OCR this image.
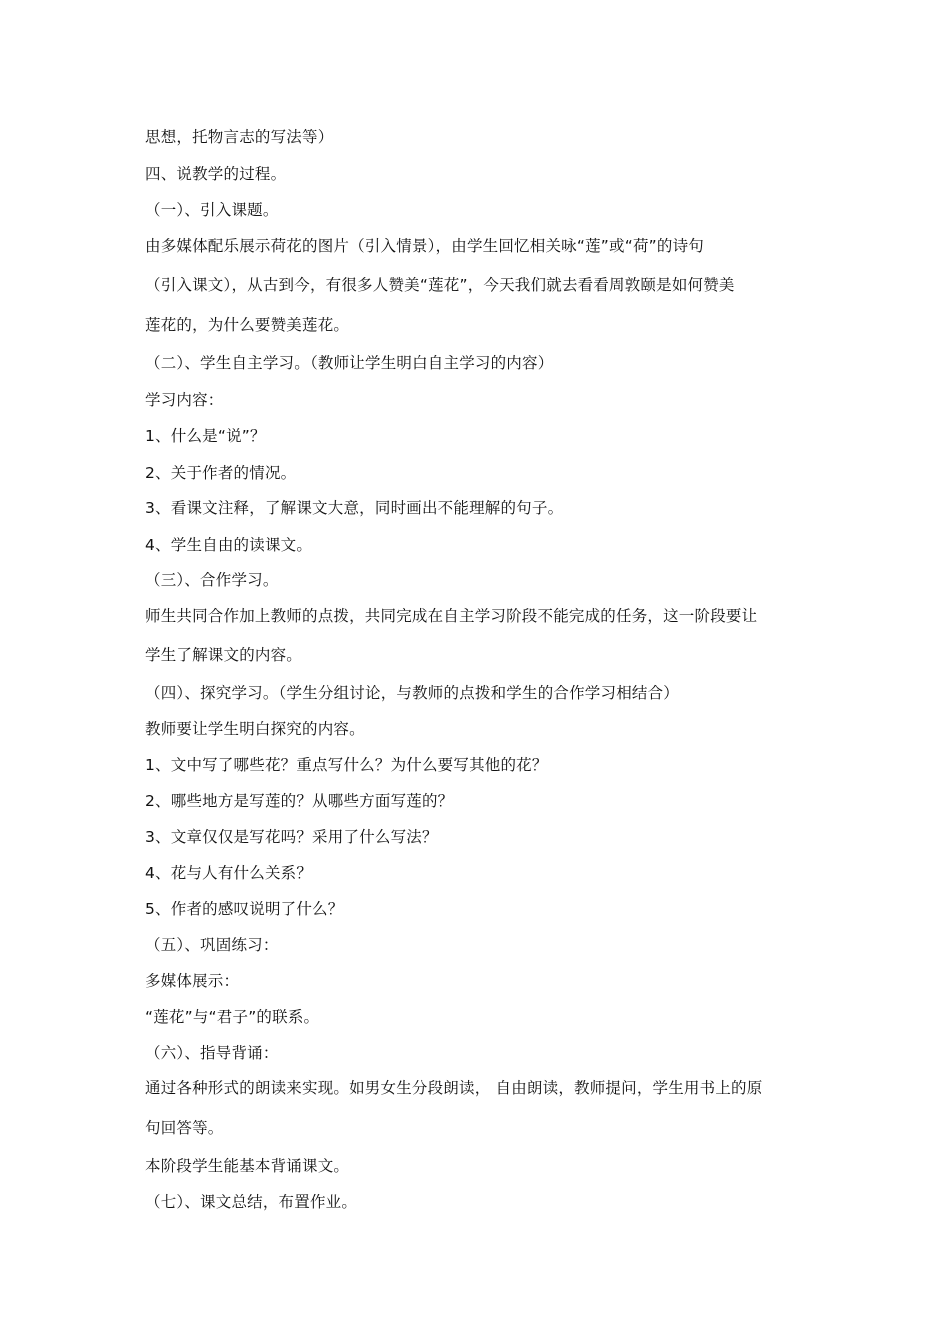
思想，托物言志的写法等）
四、说教学的过程。
（一）、引入课题。
由多媒体配乐展示荷花的图片（引入情景），由学生回忆相关咏“莲”或“荷”的诗句
（引入课文），从古到今，有很多人赞美“莲花”，今天我们就去看看周敦颐是如何赞美
莲花的，为什么要赞美莲花。
（二）、学生自主学习。（教师让学生明白自主学习的内容）
学习内容：
1、什么是“说”？
2、关于作者的情况。
3、看课文注释，了解课文大意，同时画出不能理解的句子。
4、学生自由的读课文。
（三）、合作学习。
师生共同合作加上教师的点拨，共同完成在自主学习阶段不能完成的任务，这一阶段要让
学生了解课文的内容。
（四）、探究学习。（学生分组讨论，与教师的点拨和学生的合作学习相结合）
教师要让学生明白探究的内容。
1、文中写了哪些花？重点写什么？为什么要写其他的花？
2、哪些地方是写莲的？从哪些方面写莲的？
3、文章仅仅是写花吗？采用了什么写法？
4、花与人有什么关系？
5、作者的感叹说明了什么？
（五）、巩固练习：
多媒体展示：
“莲花”与“君子”的联系。
（六）、指导背诵：
通过各种形式的朗读来实现。如男女生分段朗读， 自由朗读，教师提问，学生用书上的原
句回答等。
本阶段学生能基本背诵课文。
（七）、课文总结，布置作业。
